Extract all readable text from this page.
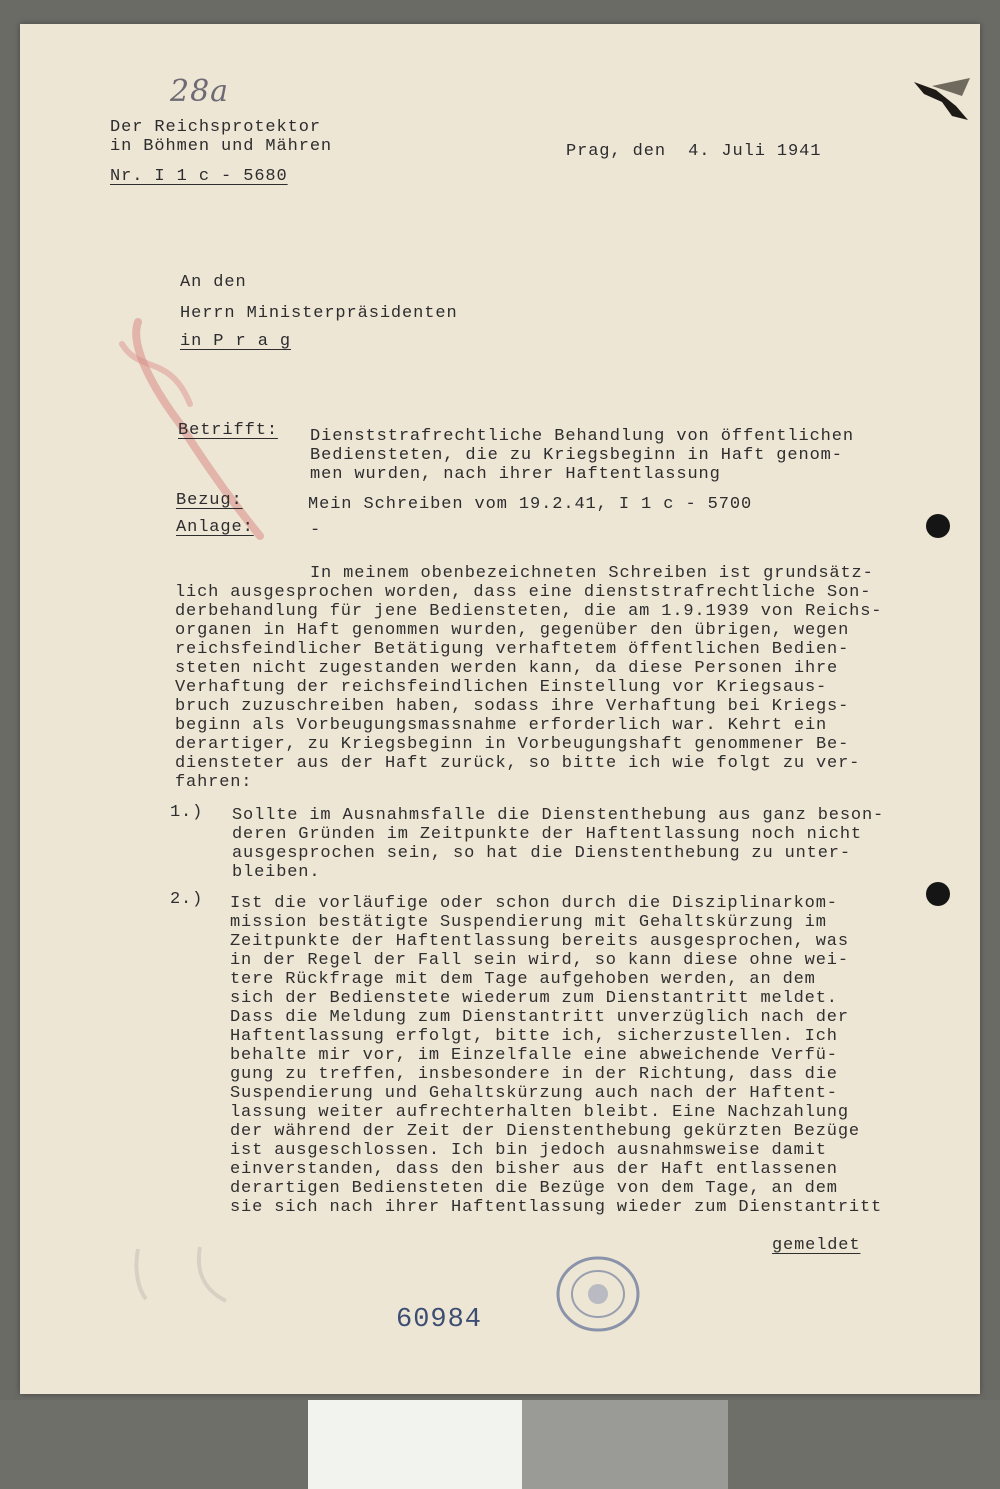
28a
Der Reichsprotektor
in Böhmen und Mähren
Nr. I 1 c - 5680
Prag, den  4. Juli 1941
An den
Herrn Ministerpräsidenten
in P r a g
Betrifft: Dienststrafrechtliche Behandlung von öffentlichen
Bediensteten, die zu Kriegsbeginn in Haft genom-
men wurden, nach ihrer Haftentlassung
Bezug:	Mein Schreiben vom 19.2.41, I 1 c - 5700
Anlage:	-
In meinem obenbezeichneten Schreiben ist grundsätz-
lich ausgesprochen worden, dass eine dienststrafrechtliche Son-
derbehandlung für jene Bediensteten, die am 1.9.1939 von Reichs-
organen in Haft genommen wurden, gegenüber den übrigen, wegen
reichsfeindlicher Betätigung verhaftetem öffentlichen Bedien-
steten nicht zugestanden werden kann, da diese Personen ihre
Verhaftung der reichsfeindlichen Einstellung vor Kriegsaus-
bruch zuzuschreiben haben, sodass ihre Verhaftung bei Kriegs-
beginn als Vorbeugungsmassnahme erforderlich war. Kehrt ein
derartiger, zu Kriegsbeginn in Vorbeugungshaft genommener Be-
diensteter aus der Haft zurück, so bitte ich wie folgt zu ver-
fahren:
1.) Sollte im Ausnahmsfalle die Dienstenthebung aus ganz beson-
deren Gründen im Zeitpunkte der Haftentlassung noch nicht
ausgesprochen sein, so hat die Dienstenthebung zu unter-
bleiben.
2.) Ist die vorläufige oder schon durch die Disziplinarkom-
mission bestätigte Suspendierung mit Gehaltskürzung im
Zeitpunkte der Haftentlassung bereits ausgesprochen, was
in der Regel der Fall sein wird, so kann diese ohne wei-
tere Rückfrage mit dem Tage aufgehoben werden, an dem
sich der Bedienstete wiederum zum Dienstantritt meldet.
Dass die Meldung zum Dienstantritt unverzüglich nach der
Haftentlassung erfolgt, bitte ich, sicherzustellen. Ich
behalte mir vor, im Einzelfalle eine abweichende Verfü-
gung zu treffen, insbesondere in der Richtung, dass die
Suspendierung und Gehaltskürzung auch nach der Haftent-
lassung weiter aufrechterhalten bleibt. Eine Nachzahlung
der während der Zeit der Dienstenthebung gekürzten Bezüge
ist ausgeschlossen. Ich bin jedoch ausnahmsweise damit
einverstanden, dass den bisher aus der Haft entlassenen
derartigen Bediensteten die Bezüge von dem Tage, an dem
sie sich nach ihrer Haftentlassung wieder zum Dienstantritt
gemeldet
60984
